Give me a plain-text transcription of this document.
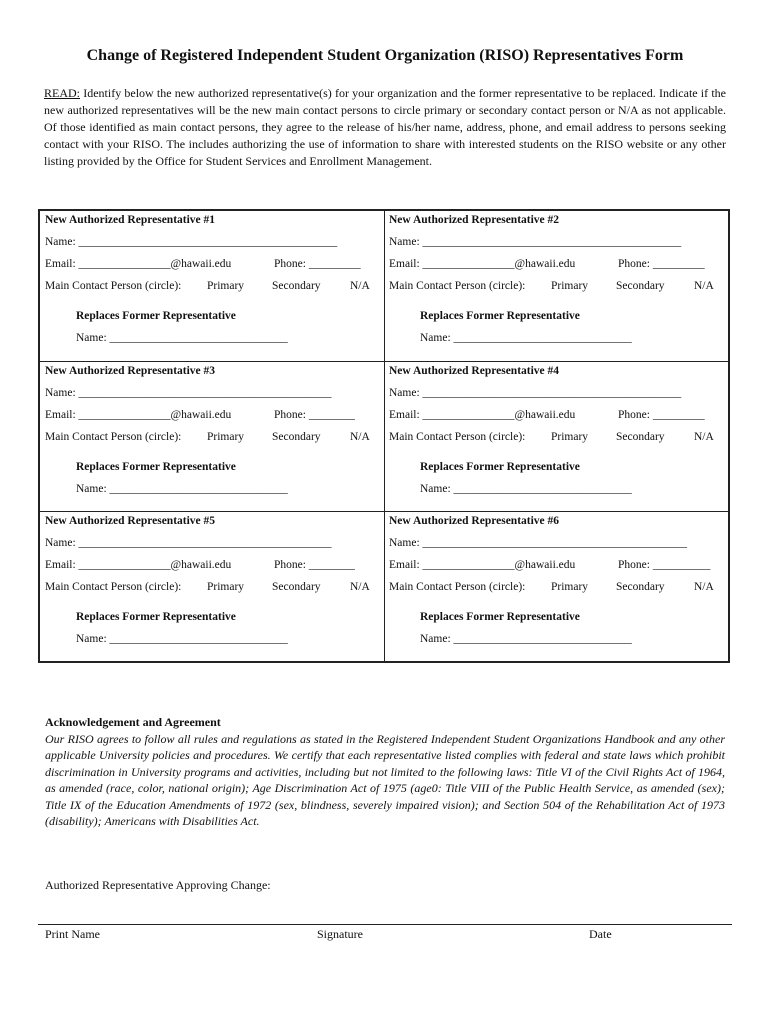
Change of Registered Independent Student Organization (RISO) Representatives Form
READ: Identify below the new authorized representative(s) for your organization and the former representative to be replaced. Indicate if the new authorized representatives will be the new main contact persons to circle primary or secondary contact person or N/A as not applicable. Of those identified as main contact persons, they agree to the release of his/her name, address, phone, and email address to persons seeking contact with your RISO. The includes authorizing the use of information to share with interested students on the RISO website or any other listing provided by the Office for Student Services and Enrollment Management.
New Authorized Representative #1
Name: _____________________________________________
Email: ________________@hawaii.edu	Phone: _________
Main Contact Person (circle): Primary Secondary	N/A
Replaces Former Representative
Name: _______________________________
New Authorized Representative #2
Name: _____________________________________________
Email: ________________@hawaii.edu	Phone: _________
Main Contact Person (circle): Primary Secondary	N/A
Replaces Former Representative
Name: _______________________________
New Authorized Representative #3
Name: ____________________________________________
Email: ________________@hawaii.edu	Phone: ________
Main Contact Person (circle): Primary Secondary	N/A
Replaces Former Representative
Name: _______________________________
New Authorized Representative #4
Name: _____________________________________________
Email: ________________@hawaii.edu	Phone: _________
Main Contact Person (circle): Primary Secondary	N/A
Replaces Former Representative
Name: _______________________________
New Authorized Representative #5
Name: ____________________________________________
Email: ________________@hawaii.edu	Phone: ________
Main Contact Person (circle): Primary Secondary	N/A
Replaces Former Representative
Name: _______________________________
New Authorized Representative #6
Name: ______________________________________________
Email: ________________@hawaii.edu	Phone: __________
Main Contact Person (circle): Primary Secondary	N/A
Replaces Former Representative
Name: _______________________________
Acknowledgement and Agreement
Our RISO agrees to follow all rules and regulations as stated in the Registered Independent Student Organizations Handbook and any other applicable University policies and procedures. We certify that each representative listed complies with federal and state laws which prohibit discrimination in University programs and activities, including but not limited to the following laws: Title VI of the Civil Rights Act of 1964, as amended (race, color, national origin); Age Discrimination Act of 1975 (age0: Title VIII of the Public Health Service, as amended (sex); Title IX of the Education Amendments of 1972 (sex, blindness, severely impaired vision); and Section 504 of the Rehabilitation Act of 1973 (disability); Americans with Disabilities Act.
Authorized Representative Approving Change:
Print Name	Signature	Date
